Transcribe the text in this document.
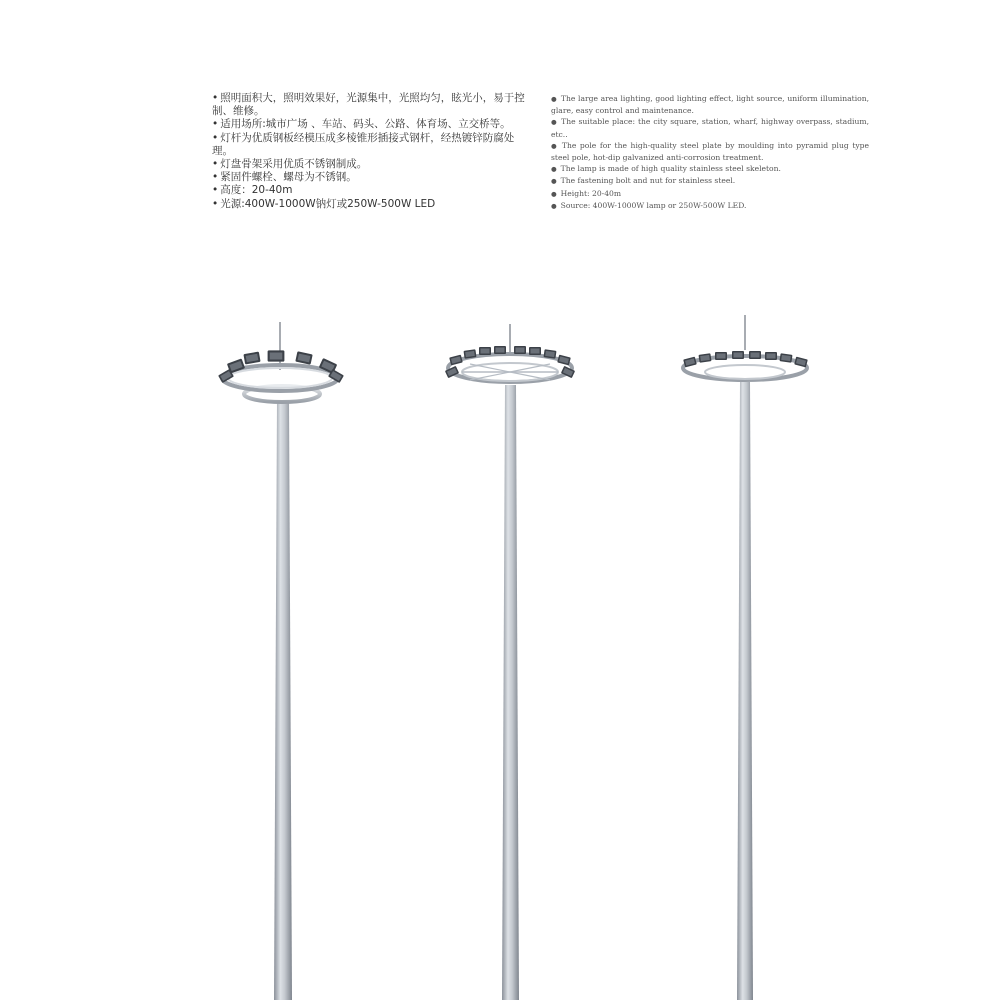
• 照明面积大，照明效果好，光源集中，光照均匀，眩光小，易于控制、维修。
• 适用场所:城市广场 、车站、码头、公路、体育场、立交桥等。
• 灯杆为优质钢板经模压成多棱锥形插接式钢杆，经热镀锌防腐处理。
• 灯盘骨架采用优质不锈钢制成。
• 紧固件螺栓、螺母为不锈钢。
• 高度：20-40m
• 光源:400W-1000W钠灯或250W-500W LED
● The large area lighting, good lighting effect, light source, uniform illumination, glare, easy control and maintenance.
● The suitable place: the city square, station, wharf, highway overpass, stadium, etc..
● The pole for the high-quality steel plate by moulding into pyramid plug type steel pole, hot-dip galvanized anti-corrosion treatment.
● The lamp is made of high quality stainless steel skeleton.
● The fastening bolt and nut for stainless steel.
● Height: 20-40m
● Source: 400W-1000W lamp or 250W-500W LED.
